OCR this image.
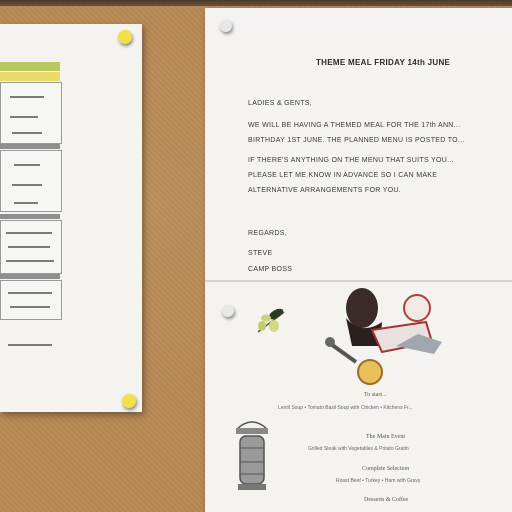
THEME MEAL FRIDAY 14th JUNE
LADIES & GENTS,
WE WILL BE HAVING A THEMED MEAL FOR THE 17th ANN...
BIRTHDAY 1ST JUNE. THE PLANNED MENU IS POSTED TO...
IF THERE'S ANYTHING ON THE MENU THAT SUITS YOU...
PLEASE LET ME KNOW IN ADVANCE SO I CAN MAKE
ALTERNATIVE ARRANGEMENTS FOR YOU.
REGARDS,
STEVE
CAMP BOSS
To start...
Lentil Soup • Tomato Basil Soup with Chicken • Kitchens Fr...
The Main Event
Grilled Steak with Vegetables & Potato Gratin
Complete Selection
Roast Beef • Turkey • Ham with Gravy
Desserts & Coffee
